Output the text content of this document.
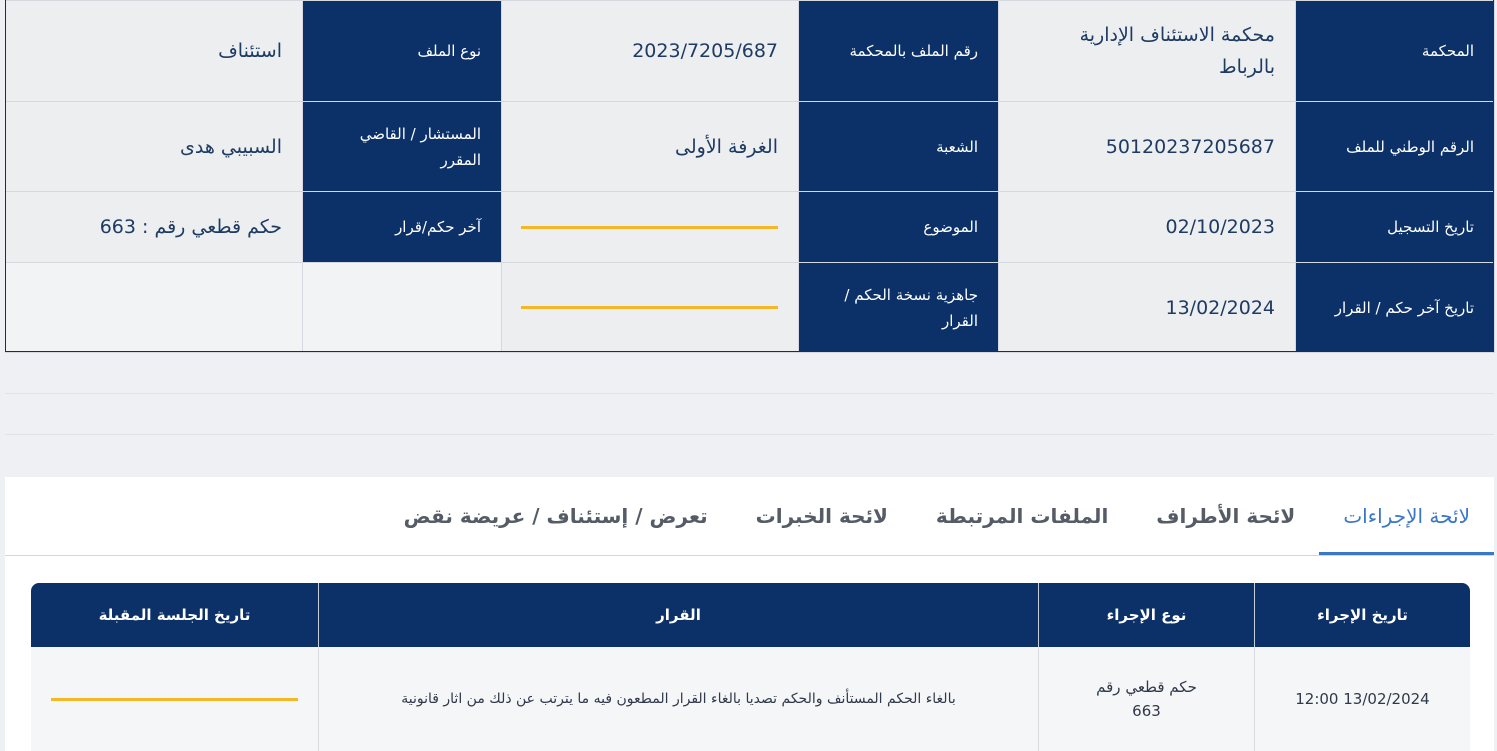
المحكمة	محكمة الاستئناف الإدارية بالرباط	رقم الملف بالمحكمة	2023/7205/687	نوع الملف	استئناف
الرقم الوطني للملف	50120237205687	الشعبة	الغرفة الأولى	المستشار / القاضي المقرر	السبيبي هدى
تاريخ التسجيل	02/10/2023	الموضوع		آخر حكم/قرار	حكم قطعي رقم : 663
تاريخ آخر حكم / القرار	13/02/2024	جاهزية نسخة الحكم / القرار	

لائحة الإجراءات
لائحة الأطراف
الملفات المرتبطة
لائحة الخبرات
تعرض / إستئناف / عريضة نقض
تاريخ الإجراء	نوع الإجراء	القرار	تاريخ الجلسة المقبلة
13/02/2024 12:00	حكم قطعي رقم 663	بالغاء الحكم المستأنف والحكم تصديا بالغاء القرار المطعون فيه ما يترتب عن ذلك من اثار قانونية	
